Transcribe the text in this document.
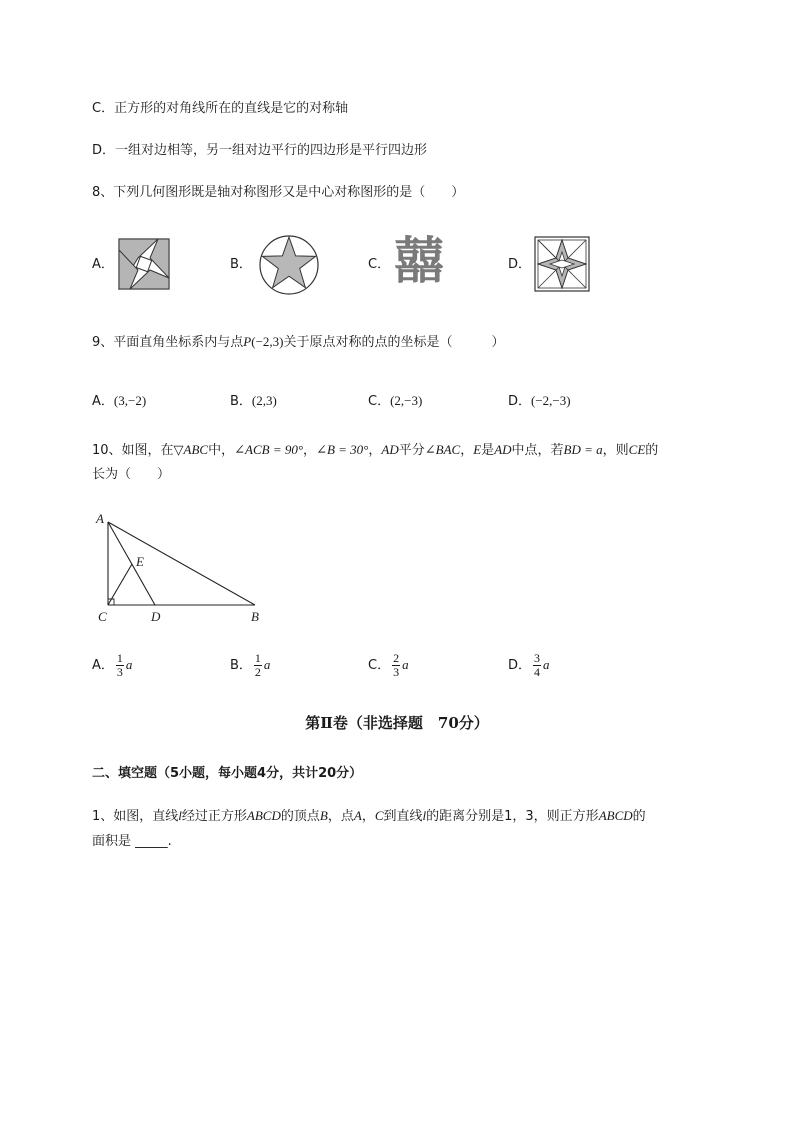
C．正方形的对角线所在的直线是它的对称轴
D．一组对边相等，另一组对边平行的四边形是平行四边形
8、下列几何图形既是轴对称图形又是中心对称图形的是（　　）
A．	B．	C． 囍	D．
9、平面直角坐标系内与点P(−2,3)关于原点对称的点的坐标是（　　　）
A．(3,−2)	B．(2,3)	C．(2,−3)	D．(−2,−3)
10、如图，在▽ABC中，∠ACB = 90°，∠B = 30°，AD平分∠BAC，E是AD中点，若BD = a，则CE的
长为（　　）
A
E
C	D	B
A． $\frac{1}{3}$ a	B． $\frac{1}{2}$ a	C． $\frac{2}{3}$ a	D． $\frac{3}{4}$ a
第Ⅱ卷（非选择题　70分）
二、填空题（5小题，每小题4分，共计20分）
1、如图，直线l经过正方形ABCD的顶点B，点A，C到直线l的距离分别是1，3，则正方形ABCD的
面积是 _____.
